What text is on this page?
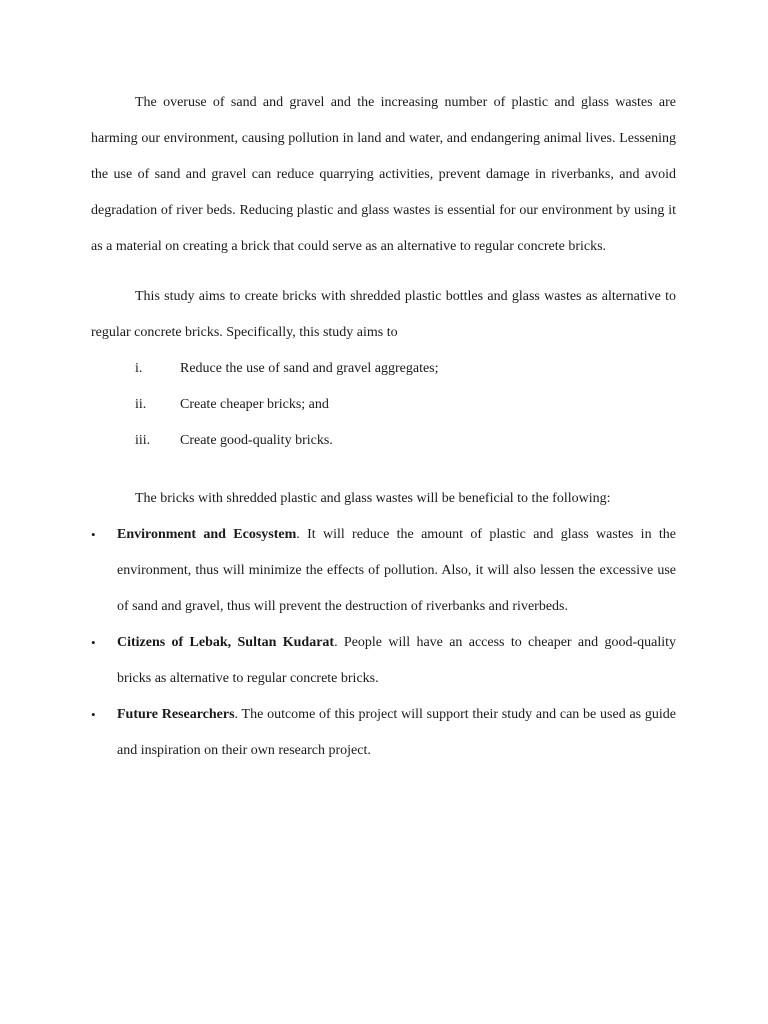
The overuse of sand and gravel and the increasing number of plastic and glass wastes are harming our environment, causing pollution in land and water, and endangering animal lives. Lessening the use of sand and gravel can reduce quarrying activities, prevent damage in riverbanks, and avoid degradation of river beds. Reducing plastic and glass wastes is essential for our environment by using it as a material on creating a brick that could serve as an alternative to regular concrete bricks.

This study aims to create bricks with shredded plastic bottles and glass wastes as alternative to regular concrete bricks. Specifically, this study aims to

i.	Reduce the use of sand and gravel aggregates;
ii.	Create cheaper bricks; and
iii.	Create good-quality bricks.

The bricks with shredded plastic and glass wastes will be beneficial to the following:

•	Environment and Ecosystem. It will reduce the amount of plastic and glass wastes in the environment, thus will minimize the effects of pollution. Also, it will also lessen the excessive use of sand and gravel, thus will prevent the destruction of riverbanks and riverbeds.
•	Citizens of Lebak, Sultan Kudarat. People will have an access to cheaper and good-quality bricks as alternative to regular concrete bricks.
•	Future Researchers. The outcome of this project will support their study and can be used as guide and inspiration on their own research project.
